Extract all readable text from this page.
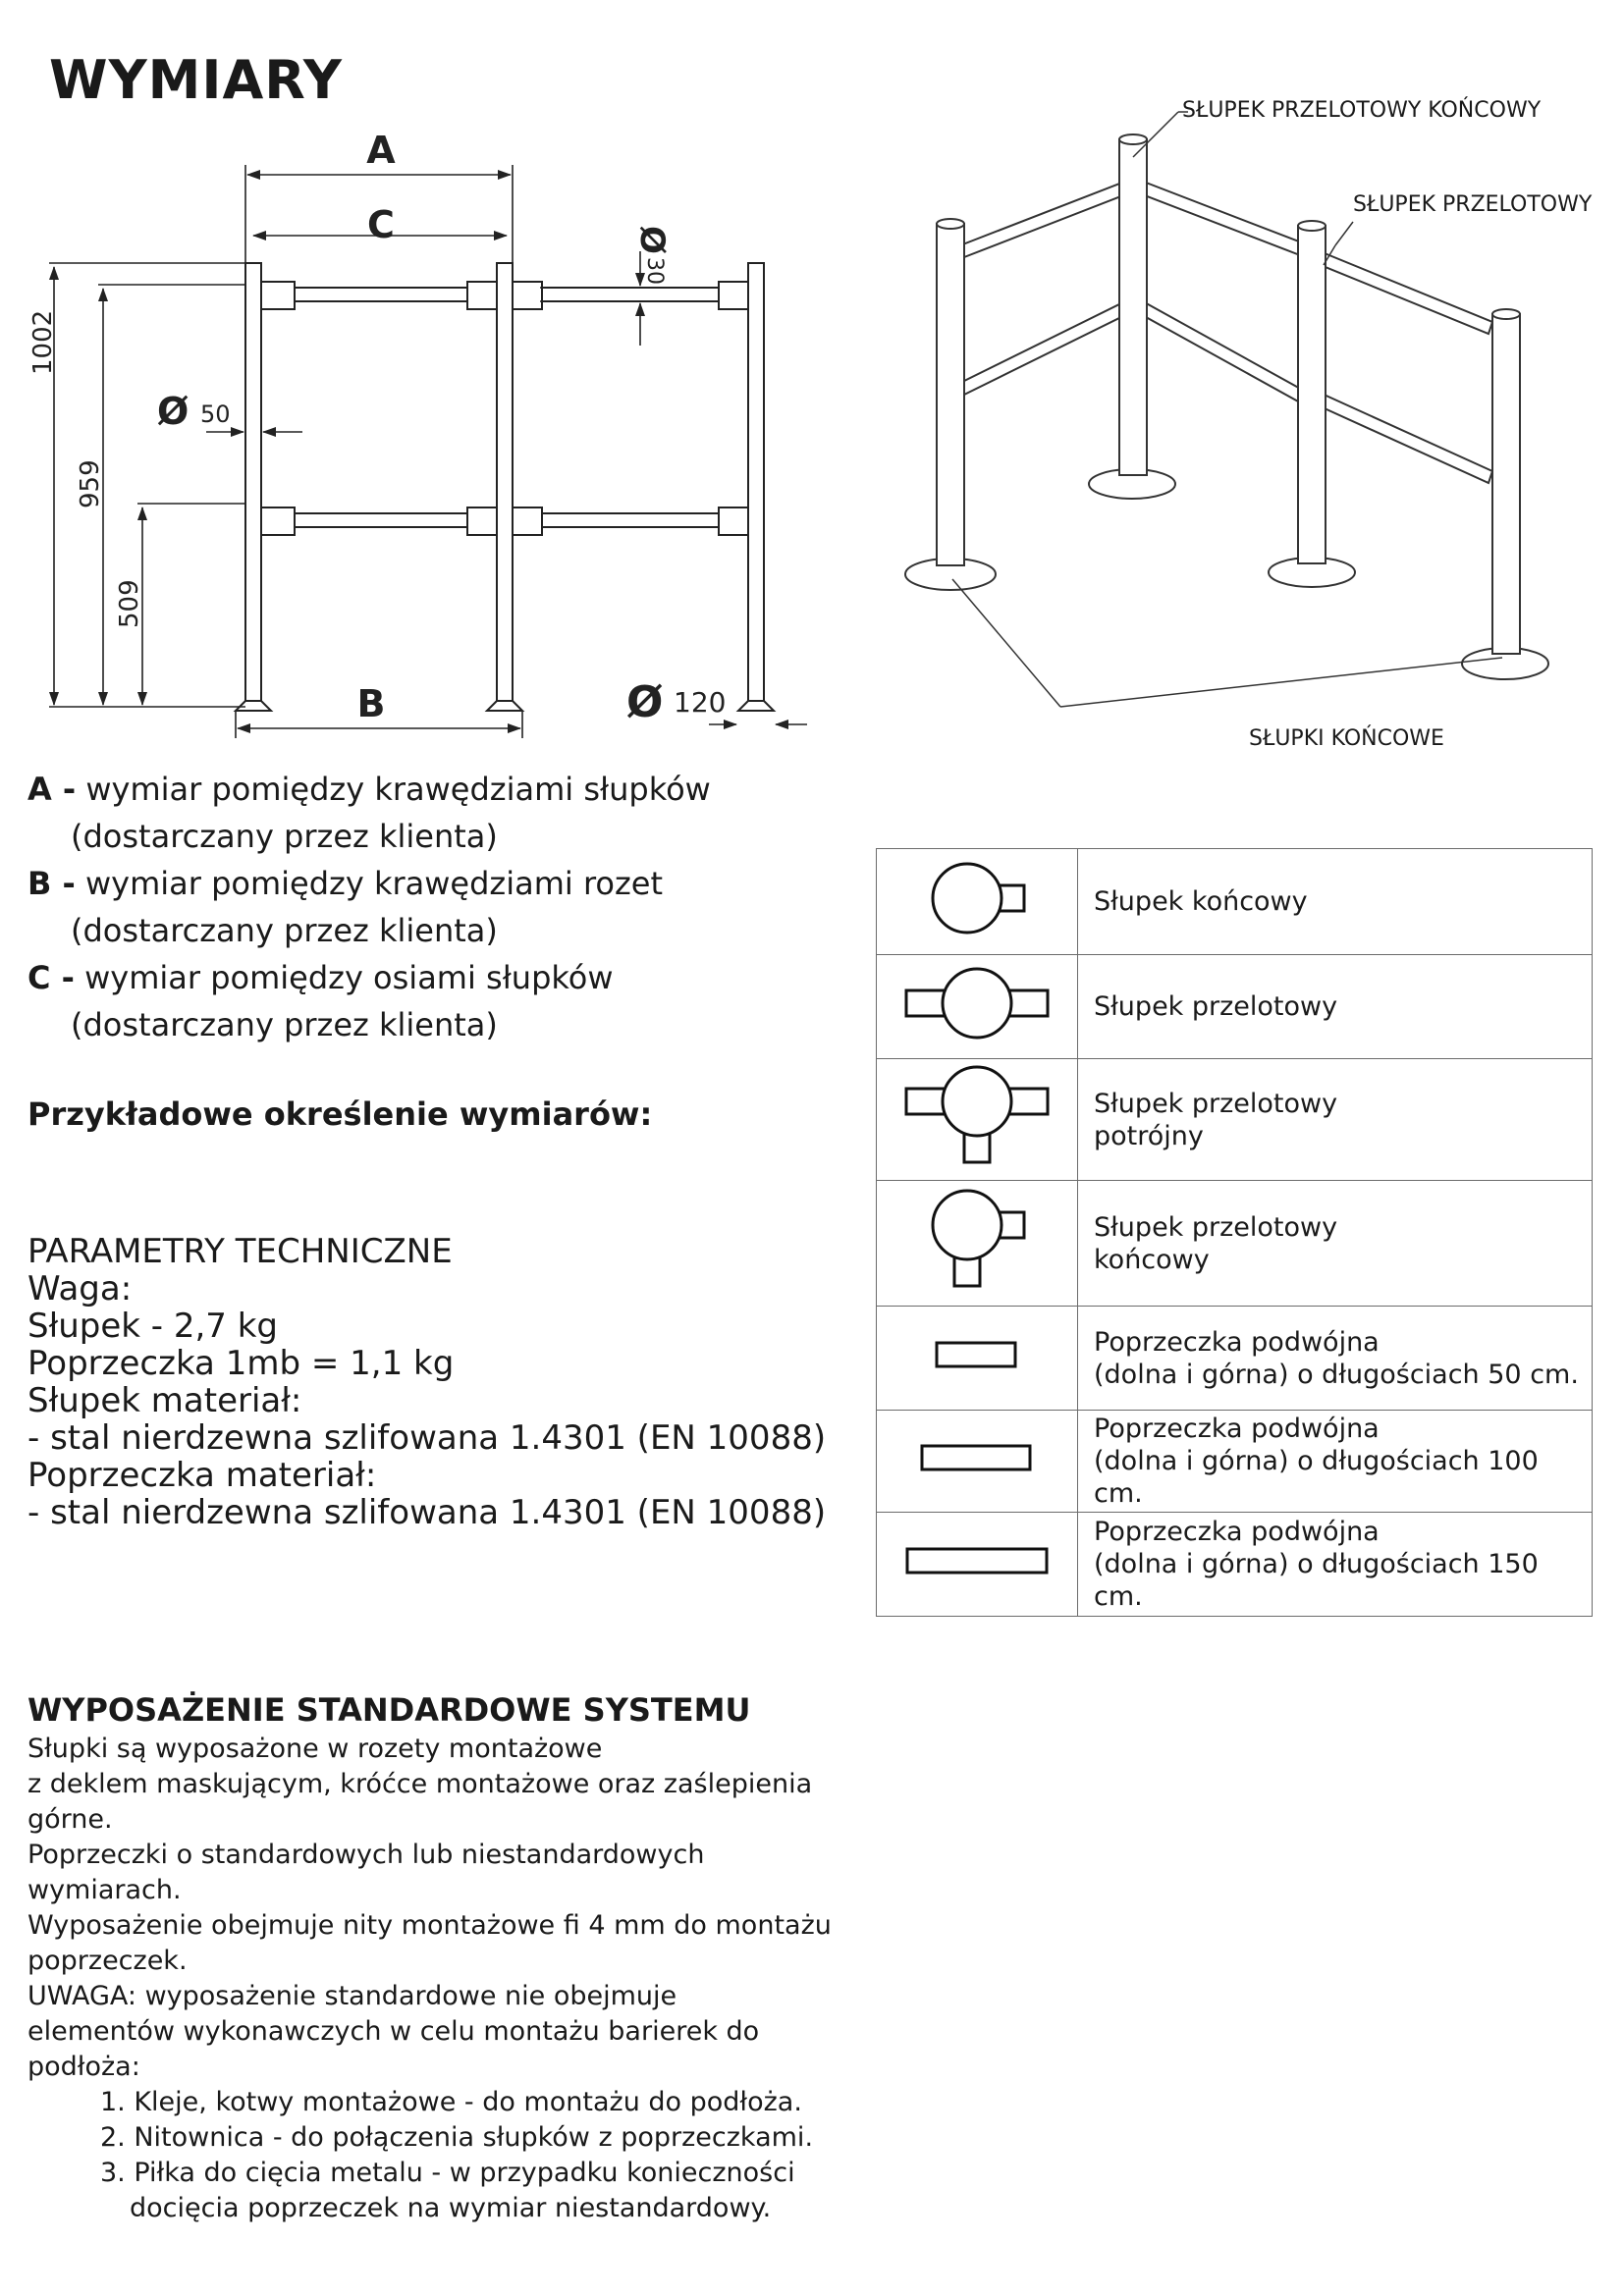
WYMIARY
A
C
B
1002
959
509
Ø 50
Ø
30
Ø 120
SŁUPEK PRZELOTOWY KOŃCOWY
SŁUPEK PRZELOTOWY
SŁUPKI KOŃCOWE
A - wymiar pomiędzy krawędziami słupków
(dostarczany przez klienta)
B - wymiar pomiędzy krawędziami rozet
(dostarczany przez klienta)
C - wymiar pomiędzy osiami słupków
(dostarczany przez klienta)
Przykładowe określenie wymiarów:
PARAMETRY TECHNICZNE
Waga:
Słupek - 2,7 kg
Poprzeczka 1mb = 1,1 kg
Słupek materiał:
- stal nierdzewna szlifowana 1.4301 (EN 10088)
Poprzeczka materiał:
- stal nierdzewna szlifowana 1.4301 (EN 10088)
	Słupek końcowy
	Słupek przelotowy

Słupek przelotowy
potrójny

Słupek przelotowy
końcowy

Poprzeczka podwójna
(dolna i górna) o długościach 50 cm.

Poprzeczka podwójna
(dolna i górna) o długościach 100 cm.

Poprzeczka podwójna
(dolna i górna) o długościach 150 cm.
WYPOSAŻENIE STANDARDOWE SYSTEMU
Słupki są wyposażone w rozety montażowe
z deklem maskującym, króćce montażowe oraz zaślepienia
górne.
Poprzeczki o standardowych lub niestandardowych
wymiarach.
Wyposażenie obejmuje nity montażowe fi 4 mm do montażu
poprzeczek.
UWAGA: wyposażenie standardowe nie obejmuje
elementów wykonawczych w celu montażu barierek do
podłoża:
1. Kleje, kotwy montażowe - do montażu do podłoża.
2. Nitownica - do połączenia słupków z poprzeczkami.
3. Piłka do cięcia metalu - w przypadku konieczności
docięcia poprzeczek na wymiar niestandardowy.
